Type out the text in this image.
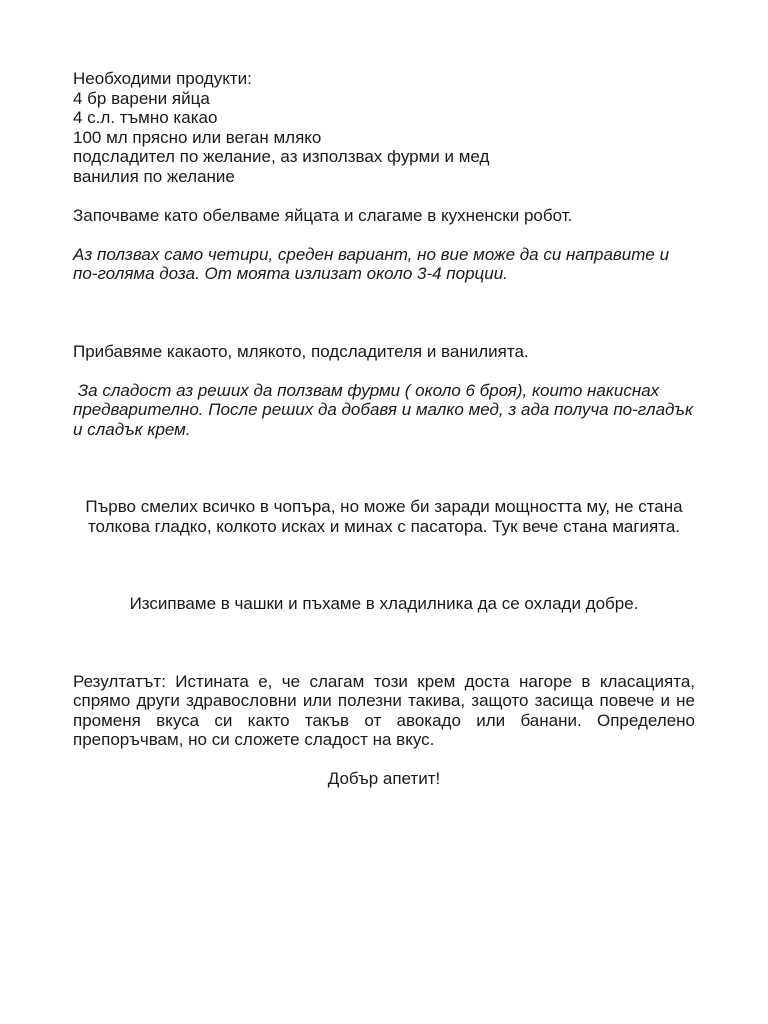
Необходими продукти:

4 бр варени яйца

4 с.л. тъмно какао

100 мл прясно или веган мляко

подсладител по желание, аз използвах фурми и мед

ванилия по желание

Започваме като обелваме яйцата и слагаме в кухненски робот.

Аз ползвах само четири, среден вариант, но вие може да си направите и по-голяма доза. От моята излизат около 3-4 порции.

Прибавяме какаото, млякото, подсладителя и ванилията.

За сладост аз реших да ползвам фурми ( около 6 броя), които накиснах предварително. После реших да добавя и малко мед, з ада получа по-гладък и сладък крем.

Първо смелих всичко в чопъра, но може би заради мощността му, не стана толкова гладко, колкото исках и минах с пасатора. Тук вече стана магията.

Изсипваме в чашки и пъхаме в хладилника да се охлади добре.

Резултатът: Истината е, че слагам този крем доста нагоре в класацията, спрямо други здравословни или полезни такива, защото засища повече и не променя вкуса си както такъв от авокадо или банани. Определено препоръчвам, но си сложете сладост на вкус.

Добър апетит!
